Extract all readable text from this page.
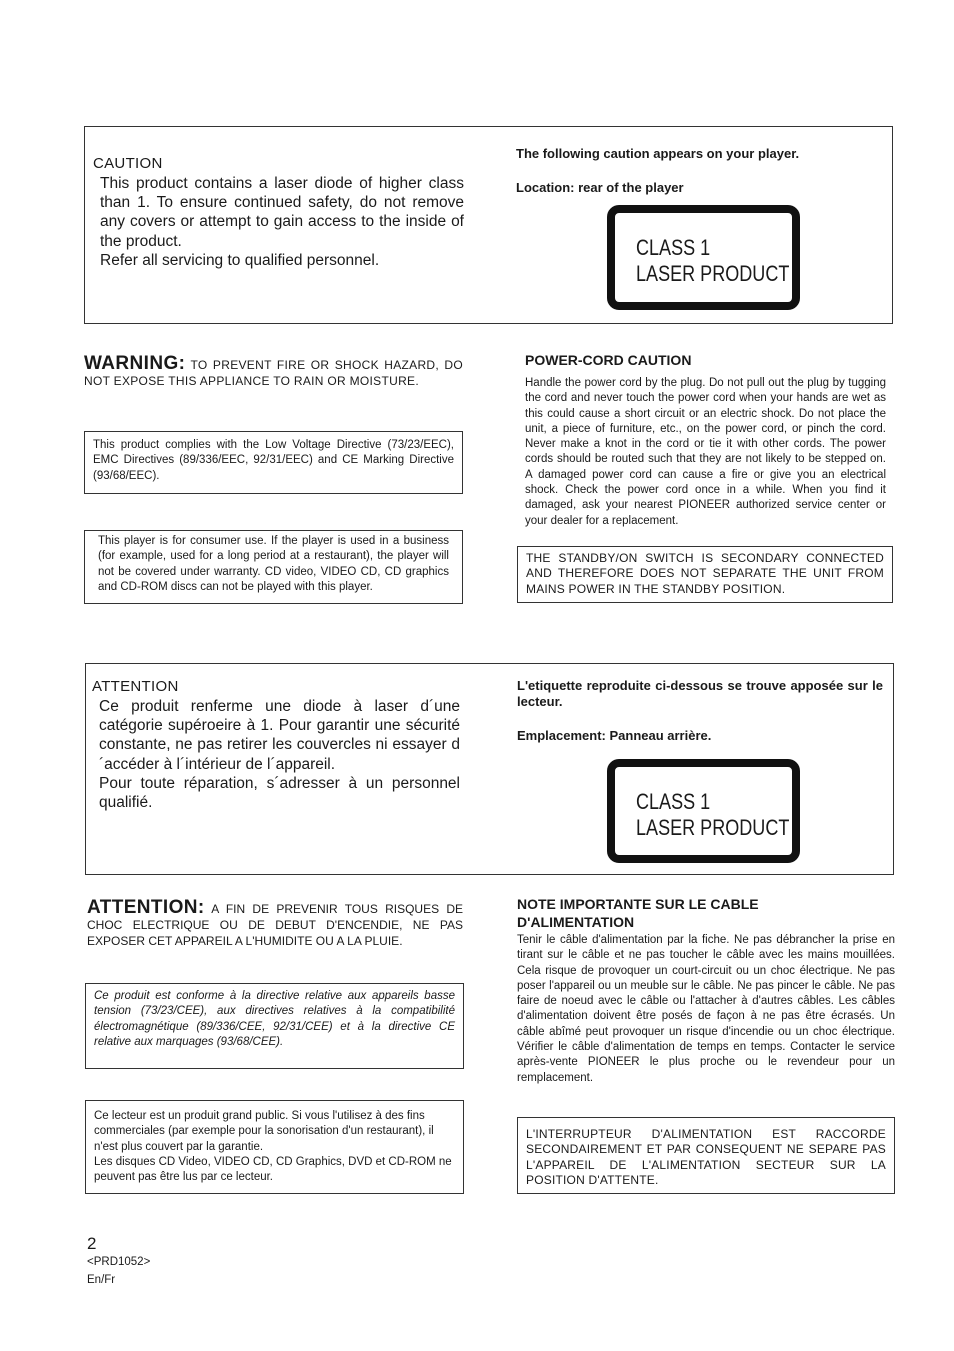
CAUTION

This product contains a laser diode of higher class than 1. To ensure continued safety, do not remove any covers or attempt to gain access to the inside of the product.

Refer all servicing to qualified personnel.

The following caution appears on your player.
Location: rear of the player
CLASS 1
LASER PRODUCT
WARNING: TO PREVENT FIRE OR SHOCK HAZARD, DO NOT EXPOSE THIS APPLIANCE TO RAIN OR MOISTURE.

This product complies with the Low Voltage Directive (73/23/EEC), EMC Directives (89/336/EEC, 92/31/EEC) and CE Marking Directive (93/68/EEC).

This player is for consumer use. If the player is used in a business (for example, used for a long period at a restaurant), the player will not be covered under warranty. CD video, VIDEO CD, CD graphics and CD-ROM discs can not be played with this player.

POWER-CORD CAUTION
Handle the power cord by the plug. Do not pull out the plug by tugging the cord and never touch the power cord when your hands are wet as this could cause a short circuit or an electric shock. Do not place the unit, a piece of furniture, etc., on the power cord, or pinch the cord. Never make a knot in the cord or tie it with other cords. The power cords should be routed such that they are not likely to be stepped on. A damaged power cord can cause a fire or give you an electrical shock. Check the power cord once in a while. When you find it damaged, ask your nearest PIONEER authorized service center or your dealer for a replacement.

THE STANDBY/ON SWITCH IS SECONDARY CONNECTED AND THEREFORE DOES NOT SEPARATE THE UNIT FROM MAINS POWER IN THE STANDBY POSITION.

ATTENTION

Ce produit renferme une diode à laser d´une catégorie supéroeire à 1. Pour garantir une sécurité constante, ne pas retirer les couvercles ni essayer d´accéder à l´intérieur de l´appareil.

Pour toute réparation, s´adresser à un personnel qualifié.

L'etiquette reproduite ci-dessous se trouve apposée sur le lecteur.
Emplacement: Panneau arrière.
CLASS 1
LASER PRODUCT
ATTENTION: A FIN DE PREVENIR TOUS RISQUES DE CHOC ELECTRIQUE OU DE DEBUT D'ENCENDIE, NE PAS EXPOSER CET APPAREIL A L'HUMIDITE OU A LA PLUIE.

Ce produit est conforme à la directive relative aux appareils basse tension (73/23/CEE), aux directives relatives à la compatibilité électromagnétique (89/336/CEE, 92/31/CEE) et à la directive CE relative aux marquages (93/68/CEE).

Ce lecteur est un produit grand public. Si vous l'utilisez à des fins commerciales (par exemple pour la sonorisation d'un restaurant), il n'est plus couvert par la garantie.

Les disques CD Video, VIDEO CD, CD Graphics, DVD et CD-ROM ne peuvent pas être lus par ce lecteur.

NOTE IMPORTANTE SUR LE CABLE D'ALIMENTATION
Tenir le câble d'alimentation par la fiche. Ne pas débrancher la prise en tirant sur le câble et ne pas toucher le câble avec les mains mouillées. Cela risque de provoquer un court-circuit ou un choc électrique. Ne pas poser l'appareil ou un meuble sur le câble. Ne pas pincer le câble. Ne pas faire de noeud avec le câble ou l'attacher à d'autres câbles. Les câbles d'alimentation doivent être posés de façon à ne pas être écrasés. Un câble abîmé peut provoquer un risque d'incendie ou un choc électrique. Vérifier le câble d'alimentation de temps en temps. Contacter le service après-vente PIONEER le plus proche ou le revendeur pour un remplacement.

L'INTERRUPTEUR D'ALIMENTATION EST RACCORDE SECONDAIREMENT ET PAR CONSEQUENT NE SEPARE PAS L'APPAREIL DE L'ALIMENTATION SECTEUR SUR LA POSITION D'ATTENTE.

2
<PRD1052>
En/Fr
